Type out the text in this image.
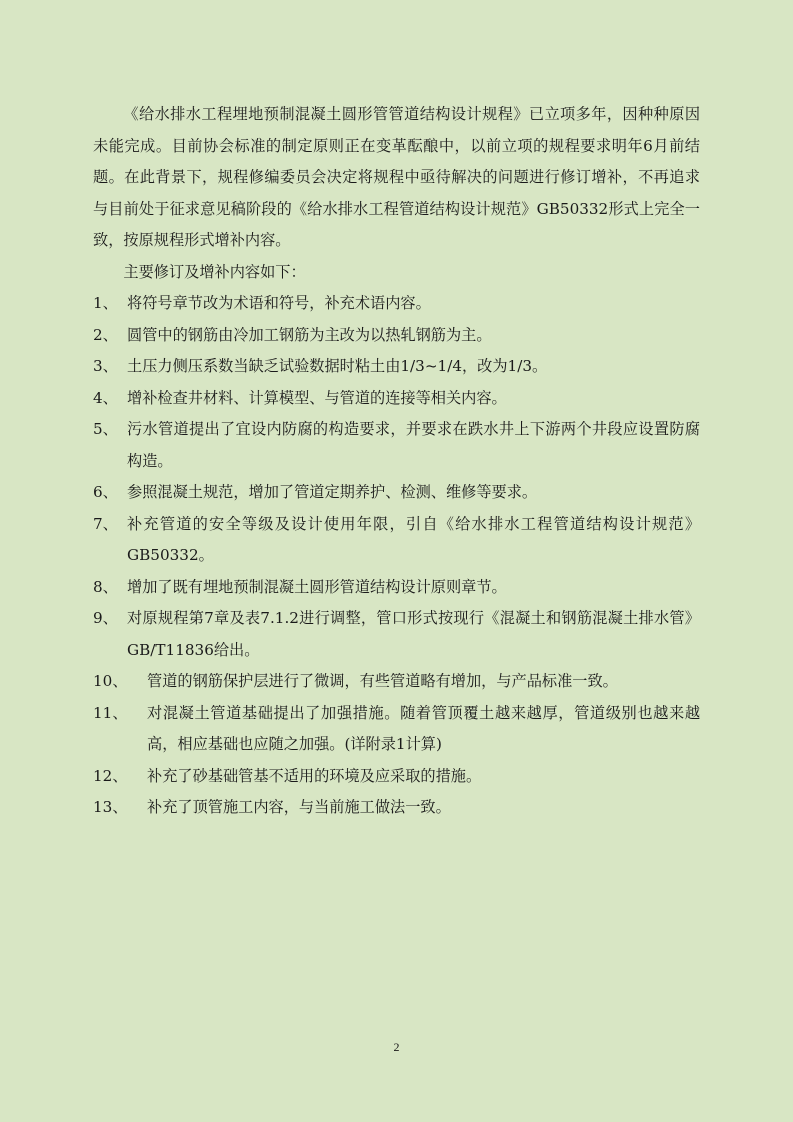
《给水排水工程埋地预制混凝土圆形管管道结构设计规程》已立项多年，因种种原因未能完成。目前协会标准的制定原则正在变革酝酿中，以前立项的规程要求明年6月前结题。在此背景下，规程修编委员会决定将规程中亟待解决的问题进行修订增补，不再追求与目前处于征求意见稿阶段的《给水排水工程管道结构设计规范》GB50332形式上完全一致，按原规程形式增补内容。

主要修订及增补内容如下：

1、 将符号章节改为术语和符号，补充术语内容。
2、 圆管中的钢筋由冷加工钢筋为主改为以热轧钢筋为主。
3、 土压力侧压系数当缺乏试验数据时粘土由1/3~1/4，改为1/3。
4、 增补检查井材料、计算模型、与管道的连接等相关内容。
5、 污水管道提出了宜设内防腐的构造要求，并要求在跌水井上下游两个井段应设置防腐构造。
6、 参照混凝土规范，增加了管道定期养护、检测、维修等要求。
7、 补充管道的安全等级及设计使用年限，引自《给水排水工程管道结构设计规范》GB50332。
8、 增加了既有埋地预制混凝土圆形管道结构设计原则章节。
9、 对原规程第7章及表7.1.2进行调整，管口形式按现行《混凝土和钢筋混凝土排水管》GB/T11836给出。
10、	管道的钢筋保护层进行了微调，有些管道略有增加，与产品标准一致。
11、	对混凝土管道基础提出了加强措施。随着管顶覆土越来越厚，管道级别也越来越高，相应基础也应随之加强。(详附录1计算)
12、	补充了砂基础管基不适用的环境及应采取的措施。
13、	补充了顶管施工内容，与当前施工做法一致。
2
